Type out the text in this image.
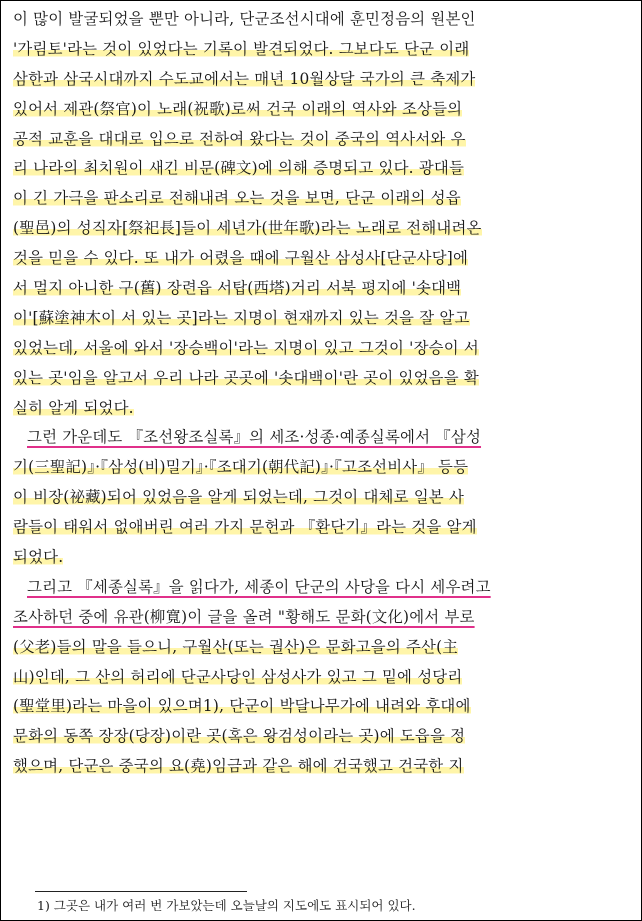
이 많이 발굴되었을 뿐만 아니라, 단군조선시대에 훈민정음의 원본인
'가림토'라는 것이 있었다는 기록이 발견되었다. 그보다도 단군 이래
삼한과 삼국시대까지 수도교에서는 매년 10월상달 국가의 큰 축제가
있어서 제관(祭官)이 노래(祝歌)로써 건국 이래의 역사와 조상들의
공적 교훈을 대대로 입으로 전하여 왔다는 것이 중국의 역사서와 우
리 나라의 최치원이 새긴 비문(碑文)에 의해 증명되고 있다. 광대들
이 긴 가극을 판소리로 전해내려 오는 것을 보면, 단군 이래의 성읍
(聖邑)의 성직자[祭祀長]들이 세년가(世年歌)라는 노래로 전해내려온
것을 믿을 수 있다. 또 내가 어렸을 때에 구월산 삼성사[단군사당]에
서 멀지 아니한 구(舊) 장련읍 서탑(西塔)거리 서북 평지에 '솟대백
이'[蘇塗神木이 서 있는 곳]라는 지명이 현재까지 있는 것을 잘 알고
있었는데, 서울에 와서 '장승백이'라는 지명이 있고 그것이 '장승이 서
있는 곳'임을 알고서 우리 나라 곳곳에 '솟대백이'란 곳이 있었음을 확
실히 알게 되었다.
그런 가운데도 『조선왕조실록』의 세조·성종·예종실록에서 『삼성
기(三聖記)』·『삼성(비)밀기』·『조대기(朝代記)』·『고조선비사』 등등
이 비장(祕藏)되어 있었음을 알게 되었는데, 그것이 대체로 일본 사
람들이 태워서 없애버린 여러 가지 문헌과 『환단기』라는 것을 알게
되었다.
그리고 『세종실록』을 읽다가, 세종이 단군의 사당을 다시 세우려고
조사하던 중에 유관(柳寬)이 글을 올려 "황해도 문화(文化)에서 부로
(父老)들의 말을 들으니, 구월산(또는 궐산)은 문화고을의 주산(主
山)인데, 그 산의 허리에 단군사당인 삼성사가 있고 그 밑에 성당리
(聖堂里)라는 마을이 있으며1), 단군이 박달나무가에 내려와 후대에
문화의 동쪽 장장(당장)이란 곳(혹은 왕검성이라는 곳)에 도읍을 정
했으며, 단군은 중국의 요(堯)임금과 같은 해에 건국했고 건국한 지
1) 그곳은 내가 여러 번 가보았는데 오늘날의 지도에도 표시되어 있다.
